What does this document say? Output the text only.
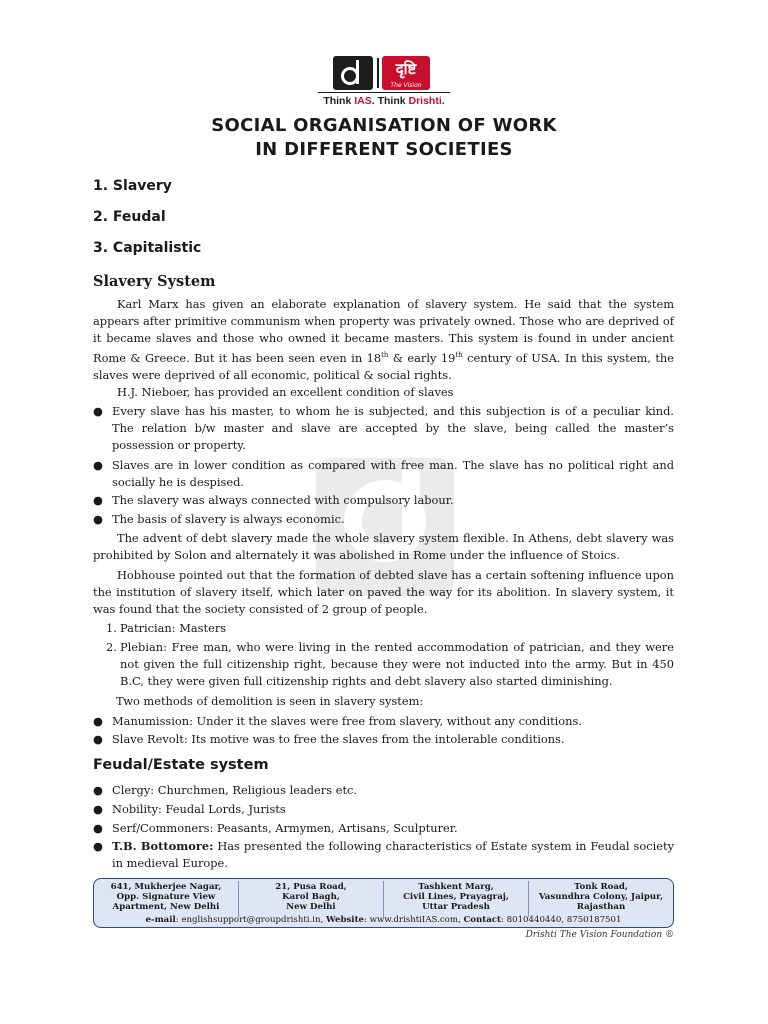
दृष्टि
The Vision
Think IAS. Think Drishti.
SOCIAL ORGANISATION OF WORK
IN DIFFERENT SOCIETIES
1. Slavery
2. Feudal
3. Capitalistic
Slavery System

Karl Marx has given an elaborate explanation of slavery system. He said that the system appears after primitive communism when property was privately owned. Those who are deprived of it became slaves and those who owned it became masters. This system is found in under ancient Rome & Greece. But it has been seen even in 18th & early 19th century of USA. In this system, the slaves were deprived of all economic, political & social rights.

H.J. Nieboer, has provided an excellent condition of slaves

● Every slave has his master, to whom he is subjected, and this subjection is of a peculiar kind. The relation b/w master and slave are accepted by the slave, being called the master’s possession or property.
● Slaves are in lower condition as compared with free man. The slave has no political right and socially he is despised.
● The slavery was always connected with compulsory labour.
● The basis of slavery is always economic.

The advent of debt slavery made the whole slavery system flexible. In Athens, debt slavery was prohibited by Solon and alternately it was abolished in Rome under the influence of Stoics.

Hobhouse pointed out that the formation of debted slave has a certain softening influence upon the institution of slavery itself, which later on paved the way for its abolition. In slavery system, it was found that the society consisted of 2 group of people.

1. Patrician: Masters
2. Plebian: Free man, who were living in the rented accommodation of patrician, and they were not given the full citizenship right, because they were not inducted into the army. But in 450 B.C, they were given full citizenship rights and debt slavery also started diminishing.

Two methods of demolition is seen in slavery system:

● Manumission: Under it the slaves were free from slavery, without any conditions.
● Slave Revolt: Its motive was to free the slaves from the intolerable conditions.
Feudal/Estate system
● Clergy: Churchmen, Religious leaders etc.
● Nobility: Feudal Lords, Jurists
● Serf/Commoners: Peasants, Armymen, Artisans, Sculpturer.
● T.B. Bottomore: Has presented the following characteristics of Estate system in Feudal society in medieval Europe.
641, Mukherjee Nagar,
Opp. Signature View
Apartment, New Delhi
21, Pusa Road,
Karol Bagh,
New Delhi
Tashkent Marg,
Civil Lines, Prayagraj,
Uttar Pradesh
Tonk Road,
Vasundhra Colony, Jaipur,
Rajasthan
e-mail: englishsupport@groupdrishti.in, Website: www.drishtiIAS.com, Contact: 8010440440, 8750187501
Drishti The Vision Foundation ®
